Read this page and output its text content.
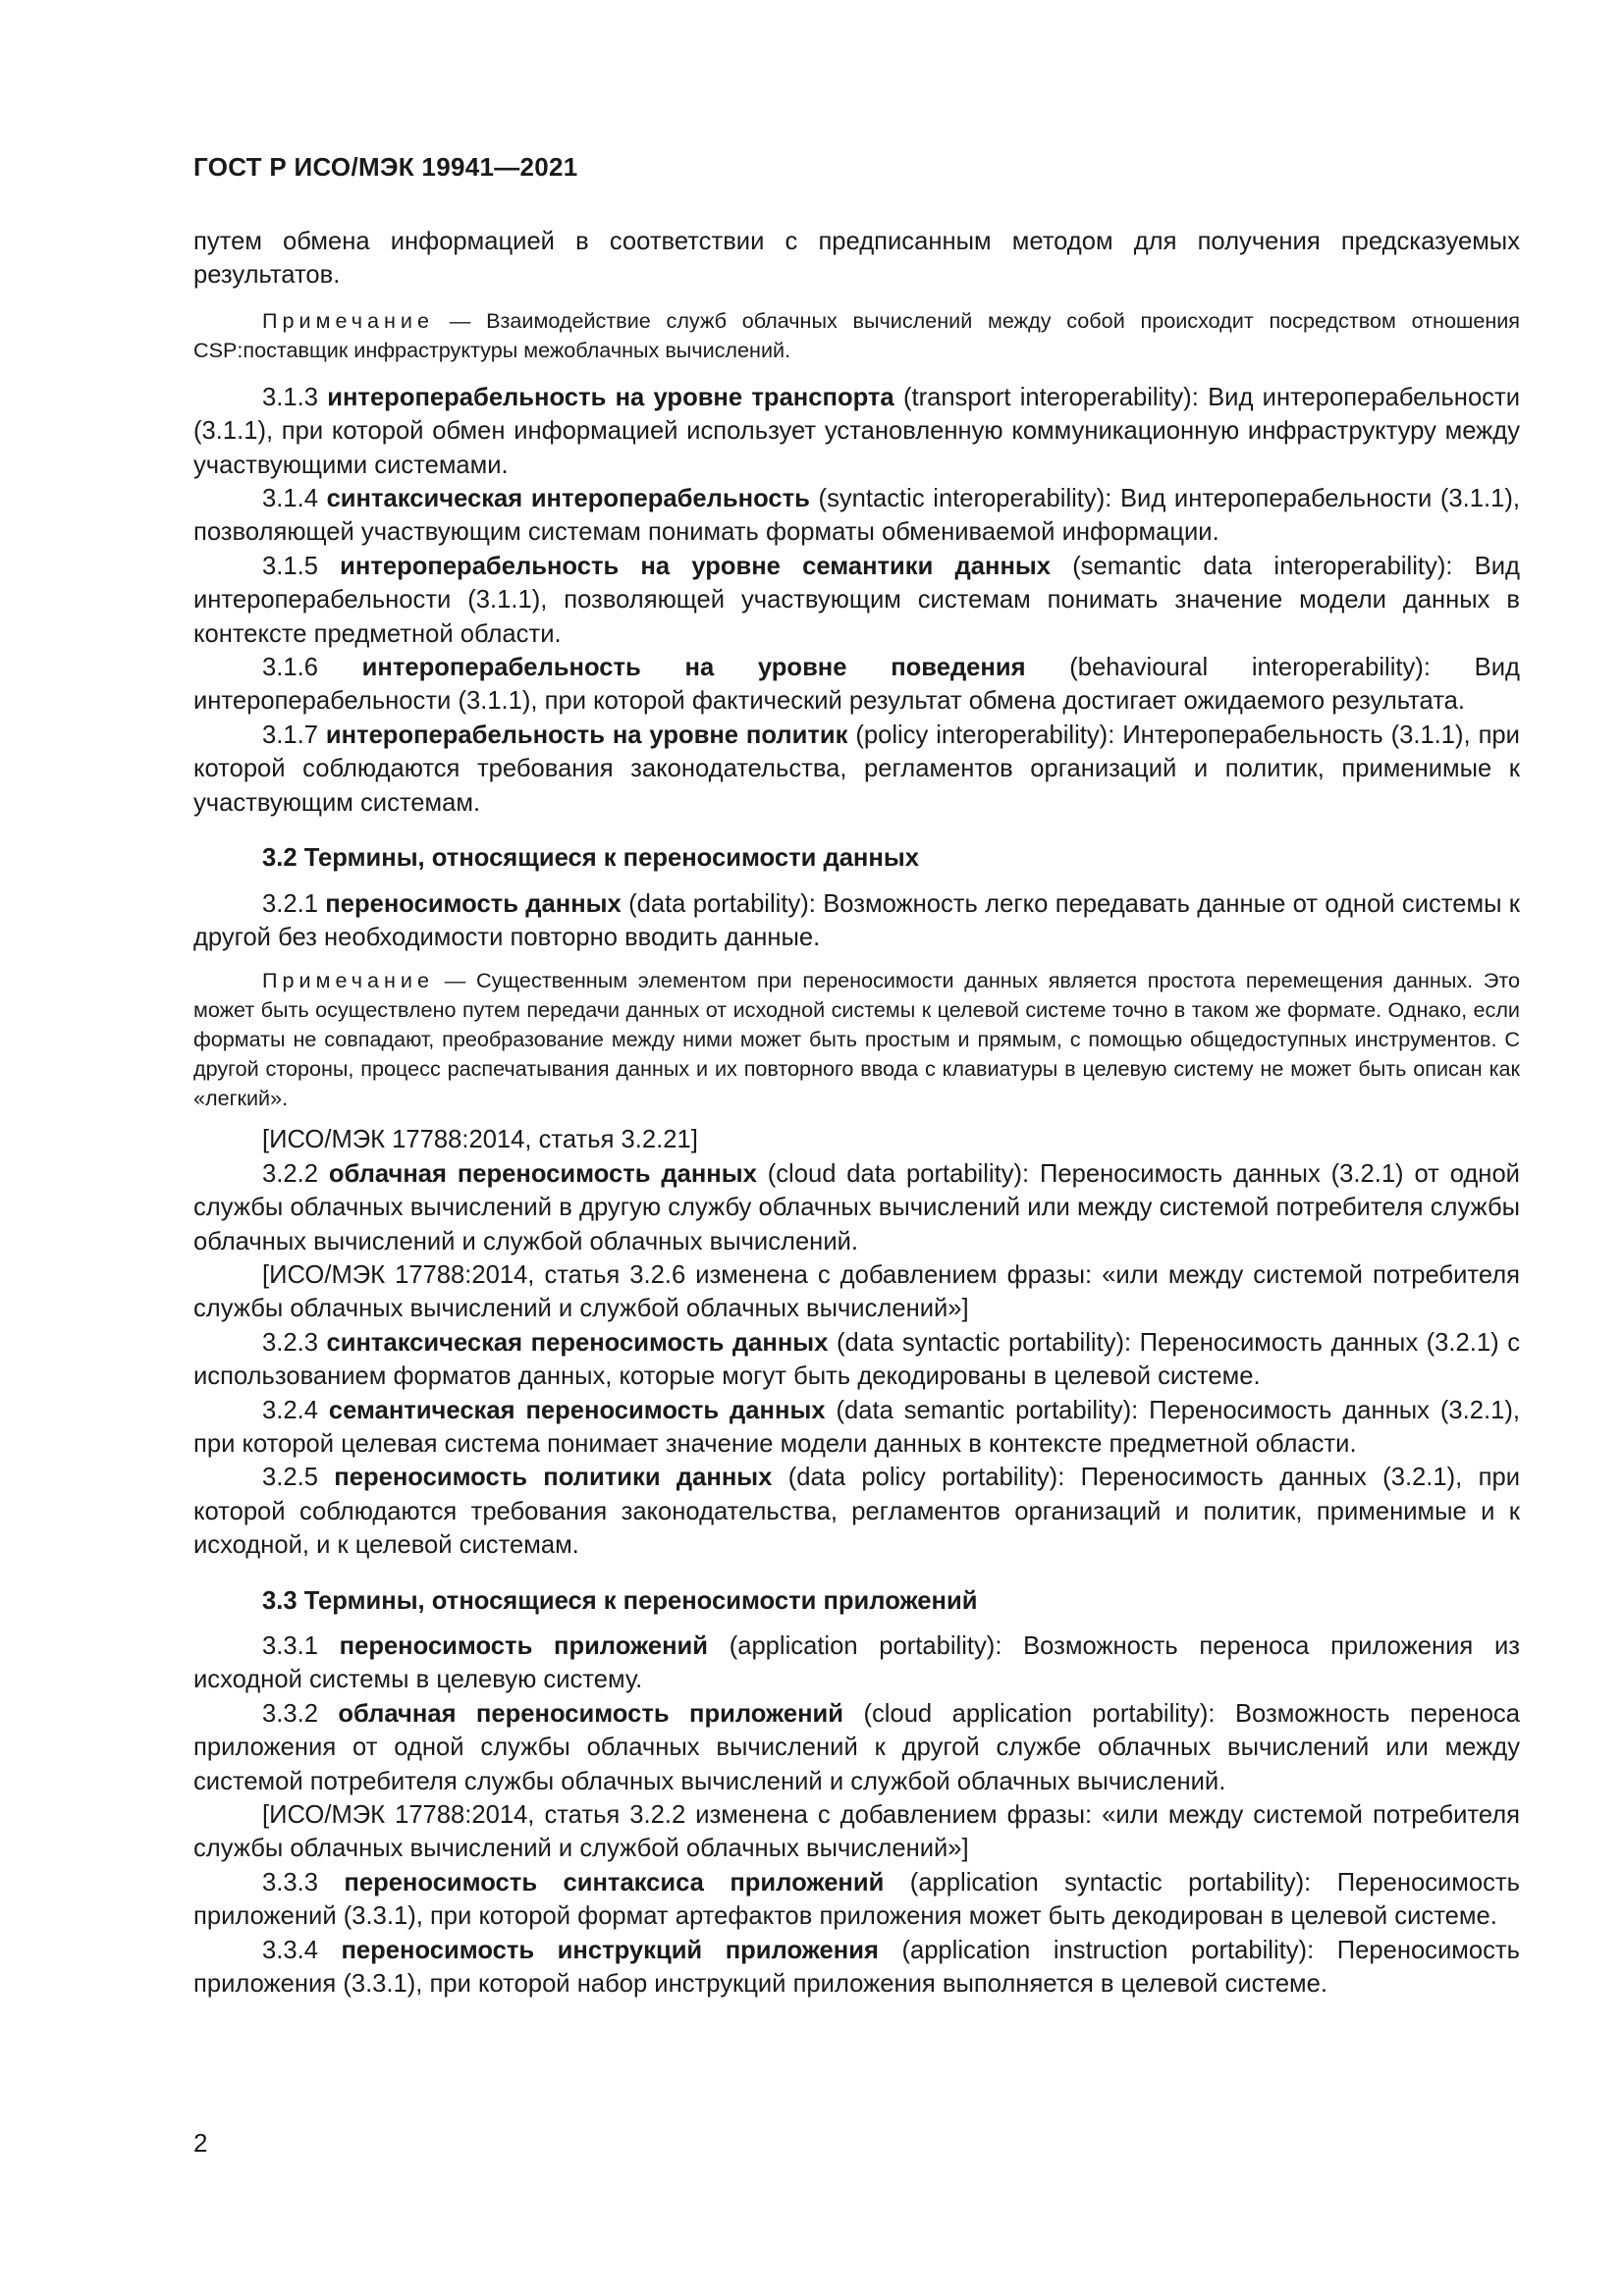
ГОСТ Р ИСО/МЭК 19941—2021

путем обмена информацией в соответствии с предписанным методом для получения предсказуемых результатов.

Примечание — Взаимодействие служб облачных вычислений между собой происходит посредством отношения CSP:поставщик инфраструктуры межоблачных вычислений.

3.1.3 интероперабельность на уровне транспорта (transport interoperability): Вид интероперабельности (3.1.1), при которой обмен информацией использует установленную коммуникационную инфраструктуру между участвующими системами.

3.1.4 синтаксическая интероперабельность (syntactic interoperability): Вид интероперабельности (3.1.1), позволяющей участвующим системам понимать форматы обмениваемой информации.

3.1.5 интероперабельность на уровне семантики данных (semantic data interoperability): Вид интероперабельности (3.1.1), позволяющей участвующим системам понимать значение модели данных в контексте предметной области.

3.1.6 интероперабельность на уровне поведения (behavioural interoperability): Вид интероперабельности (3.1.1), при которой фактический результат обмена достигает ожидаемого результата.

3.1.7 интероперабельность на уровне политик (policy interoperability): Интероперабельность (3.1.1), при которой соблюдаются требования законодательства, регламентов организаций и политик, применимые к участвующим системам.

3.2 Термины, относящиеся к переносимости данных

3.2.1 переносимость данных (data portability): Возможность легко передавать данные от одной системы к другой без необходимости повторно вводить данные.

Примечание — Существенным элементом при переносимости данных является простота перемещения данных. Это может быть осуществлено путем передачи данных от исходной системы к целевой системе точно в таком же формате. Однако, если форматы не совпадают, преобразование между ними может быть простым и прямым, с помощью общедоступных инструментов. С другой стороны, процесс распечатывания данных и их повторного ввода с клавиатуры в целевую систему не может быть описан как «легкий».

[ИСО/МЭК 17788:2014, статья 3.2.21]

3.2.2 облачная переносимость данных (cloud data portability): Переносимость данных (3.2.1) от одной службы облачных вычислений в другую службу облачных вычислений или между системой потребителя службы облачных вычислений и службой облачных вычислений.

[ИСО/МЭК 17788:2014, статья 3.2.6 изменена с добавлением фразы: «или между системой потребителя службы облачных вычислений и службой облачных вычислений»]

3.2.3 синтаксическая переносимость данных (data syntactic portability): Переносимость данных (3.2.1) с использованием форматов данных, которые могут быть декодированы в целевой системе.

3.2.4 семантическая переносимость данных (data semantic portability): Переносимость данных (3.2.1), при которой целевая система понимает значение модели данных в контексте предметной области.

3.2.5 переносимость политики данных (data policy portability): Переносимость данных (3.2.1), при которой соблюдаются требования законодательства, регламентов организаций и политик, применимые и к исходной, и к целевой системам.

3.3 Термины, относящиеся к переносимости приложений

3.3.1 переносимость приложений (application portability): Возможность переноса приложения из исходной системы в целевую систему.

3.3.2 облачная переносимость приложений (cloud application portability): Возможность переноса приложения от одной службы облачных вычислений к другой службе облачных вычислений или между системой потребителя службы облачных вычислений и службой облачных вычислений.

[ИСО/МЭК 17788:2014, статья 3.2.2 изменена с добавлением фразы: «или между системой потребителя службы облачных вычислений и службой облачных вычислений»]

3.3.3 переносимость синтаксиса приложений (application syntactic portability): Переносимость приложений (3.3.1), при которой формат артефактов приложения может быть декодирован в целевой системе.

3.3.4 переносимость инструкций приложения (application instruction portability): Переносимость приложения (3.3.1), при которой набор инструкций приложения выполняется в целевой системе.

2
